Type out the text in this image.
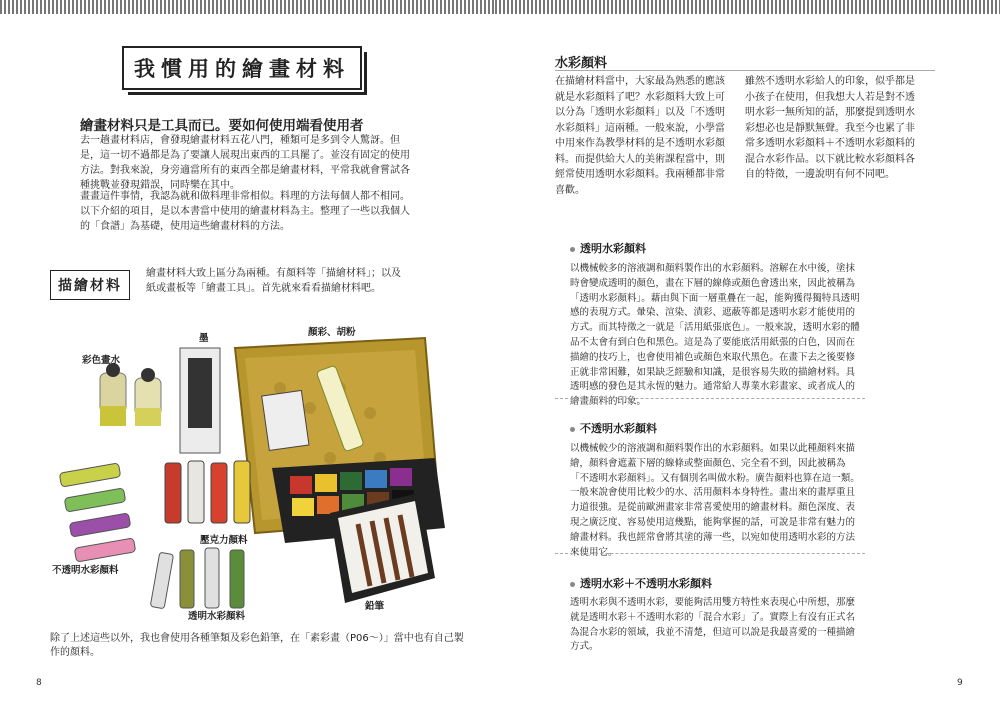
我慣用的繪畫材料
繪畫材料只是工具而已。要如何使用端看使用者
去一趟畫材料店，會發現繪畫材料五花八門，種類可是多到令人驚訝。但是，這一切不過都是為了要讓人展現出東西的工具罷了。並沒有固定的使用方法。對我來說，身旁適當所有的東西全都是繪畫材料，平常我就會嘗試各種挑戰並發現錯誤，同時樂在其中。
畫畫這件事情，我認為就和做料理非常相似。料理的方法每個人都不相同。以下介紹的項目，是以本書當中使用的繪畫材料為主。整理了一些以我個人的「食譜」為基礎，使用這些繪畫材料的方法。
描繪材料
繪畫材料大致上區分為兩種。有顏料等「描繪材料」；以及紙或畫板等「繪畫工具」。首先就來看看描繪材料吧。
墨
顏彩、胡粉
彩色畫水
不透明水彩顏料
壓克力顏料
透明水彩顏料
鉛筆
除了上述這些以外，我也會使用各種筆類及彩色鉛筆，在「素彩畫（P06～）」當中也有自己製作的顏料。
8
水彩顏料
在描繪材料當中，大家最為熟悉的應該就是水彩顏料了吧？水彩顏料大致上可以分為「透明水彩顏料」以及「不透明水彩顏料」這兩種。一般來說，小學當中用來作為教學材料的是不透明水彩顏料。而提供給大人的美術課程當中，則經常使用透明水彩顏料。我兩種都非常喜歡。
雖然不透明水彩給人的印象，似乎都是小孩子在使用，但我想大人若是對不透明水彩一無所知的話，那麼提到透明水彩想必也是靜默無聲。我至今也累了非常多透明水彩顏料＋不透明水彩顏料的混合水彩作品。以下就比較水彩顏料各自的特徵，一邊說明有何不同吧。
透明水彩顏料
以機械較多的溶液調和顏料製作出的水彩顏料。溶解在水中後，塗抹時會變成透明的顏色，畫在下層的線條或顏色會透出來，因此被稱為「透明水彩顏料」。藉由與下面一層重疊在一起，能夠獲得獨特具透明感的表現方式。暈染、渲染、漬彩、遮蔽等都是透明水彩才能使用的方式。而其特徵之一就是「活用紙張底色」。一般來說，透明水彩的體品不太會有到白色和黑色。這是為了要能底活用紙張的白色，因而在描繪的技巧上，也會使用補色或顏色來取代黑色。在畫下去之後要修正就非常困難，如果缺乏經驗和知識，是很容易失敗的描繪材料。具透明感的發色是其永恆的魅力。通常給人專業水彩畫家、或者成人的繪畫顏料的印象。
不透明水彩顏料
以機械較少的溶液調和顏料製作出的水彩顏料。如果以此種顏料來描繪，顏料會遮蓋下層的線條或整面顏色、完全看不到，因此被稱為「不透明水彩顏料」。又有個別名叫做水粉。廣告顏料也算在這一類。一般來說會使用比較少的水、活用顏料本身特性。畫出來的畫厚重且力道很強。是從前歐洲畫家非常喜愛使用的繪畫材料。顏色深度、表現之廣泛度、容易使用這幾點，能夠掌握的話，可說是非常有魅力的繪畫材料。我也經常會將其塗的薄一些，以宛如使用透明水彩的方法來使用它。
透明水彩＋不透明水彩顏料
透明水彩與不透明水彩，要能夠活用雙方特性來表現心中所想，那麼就是透明水彩＋不透明水彩的「混合水彩」了。實際上有沒有正式名為混合水彩的領域，我並不清楚，但這可以說是我最喜愛的一種描繪方式。
9
